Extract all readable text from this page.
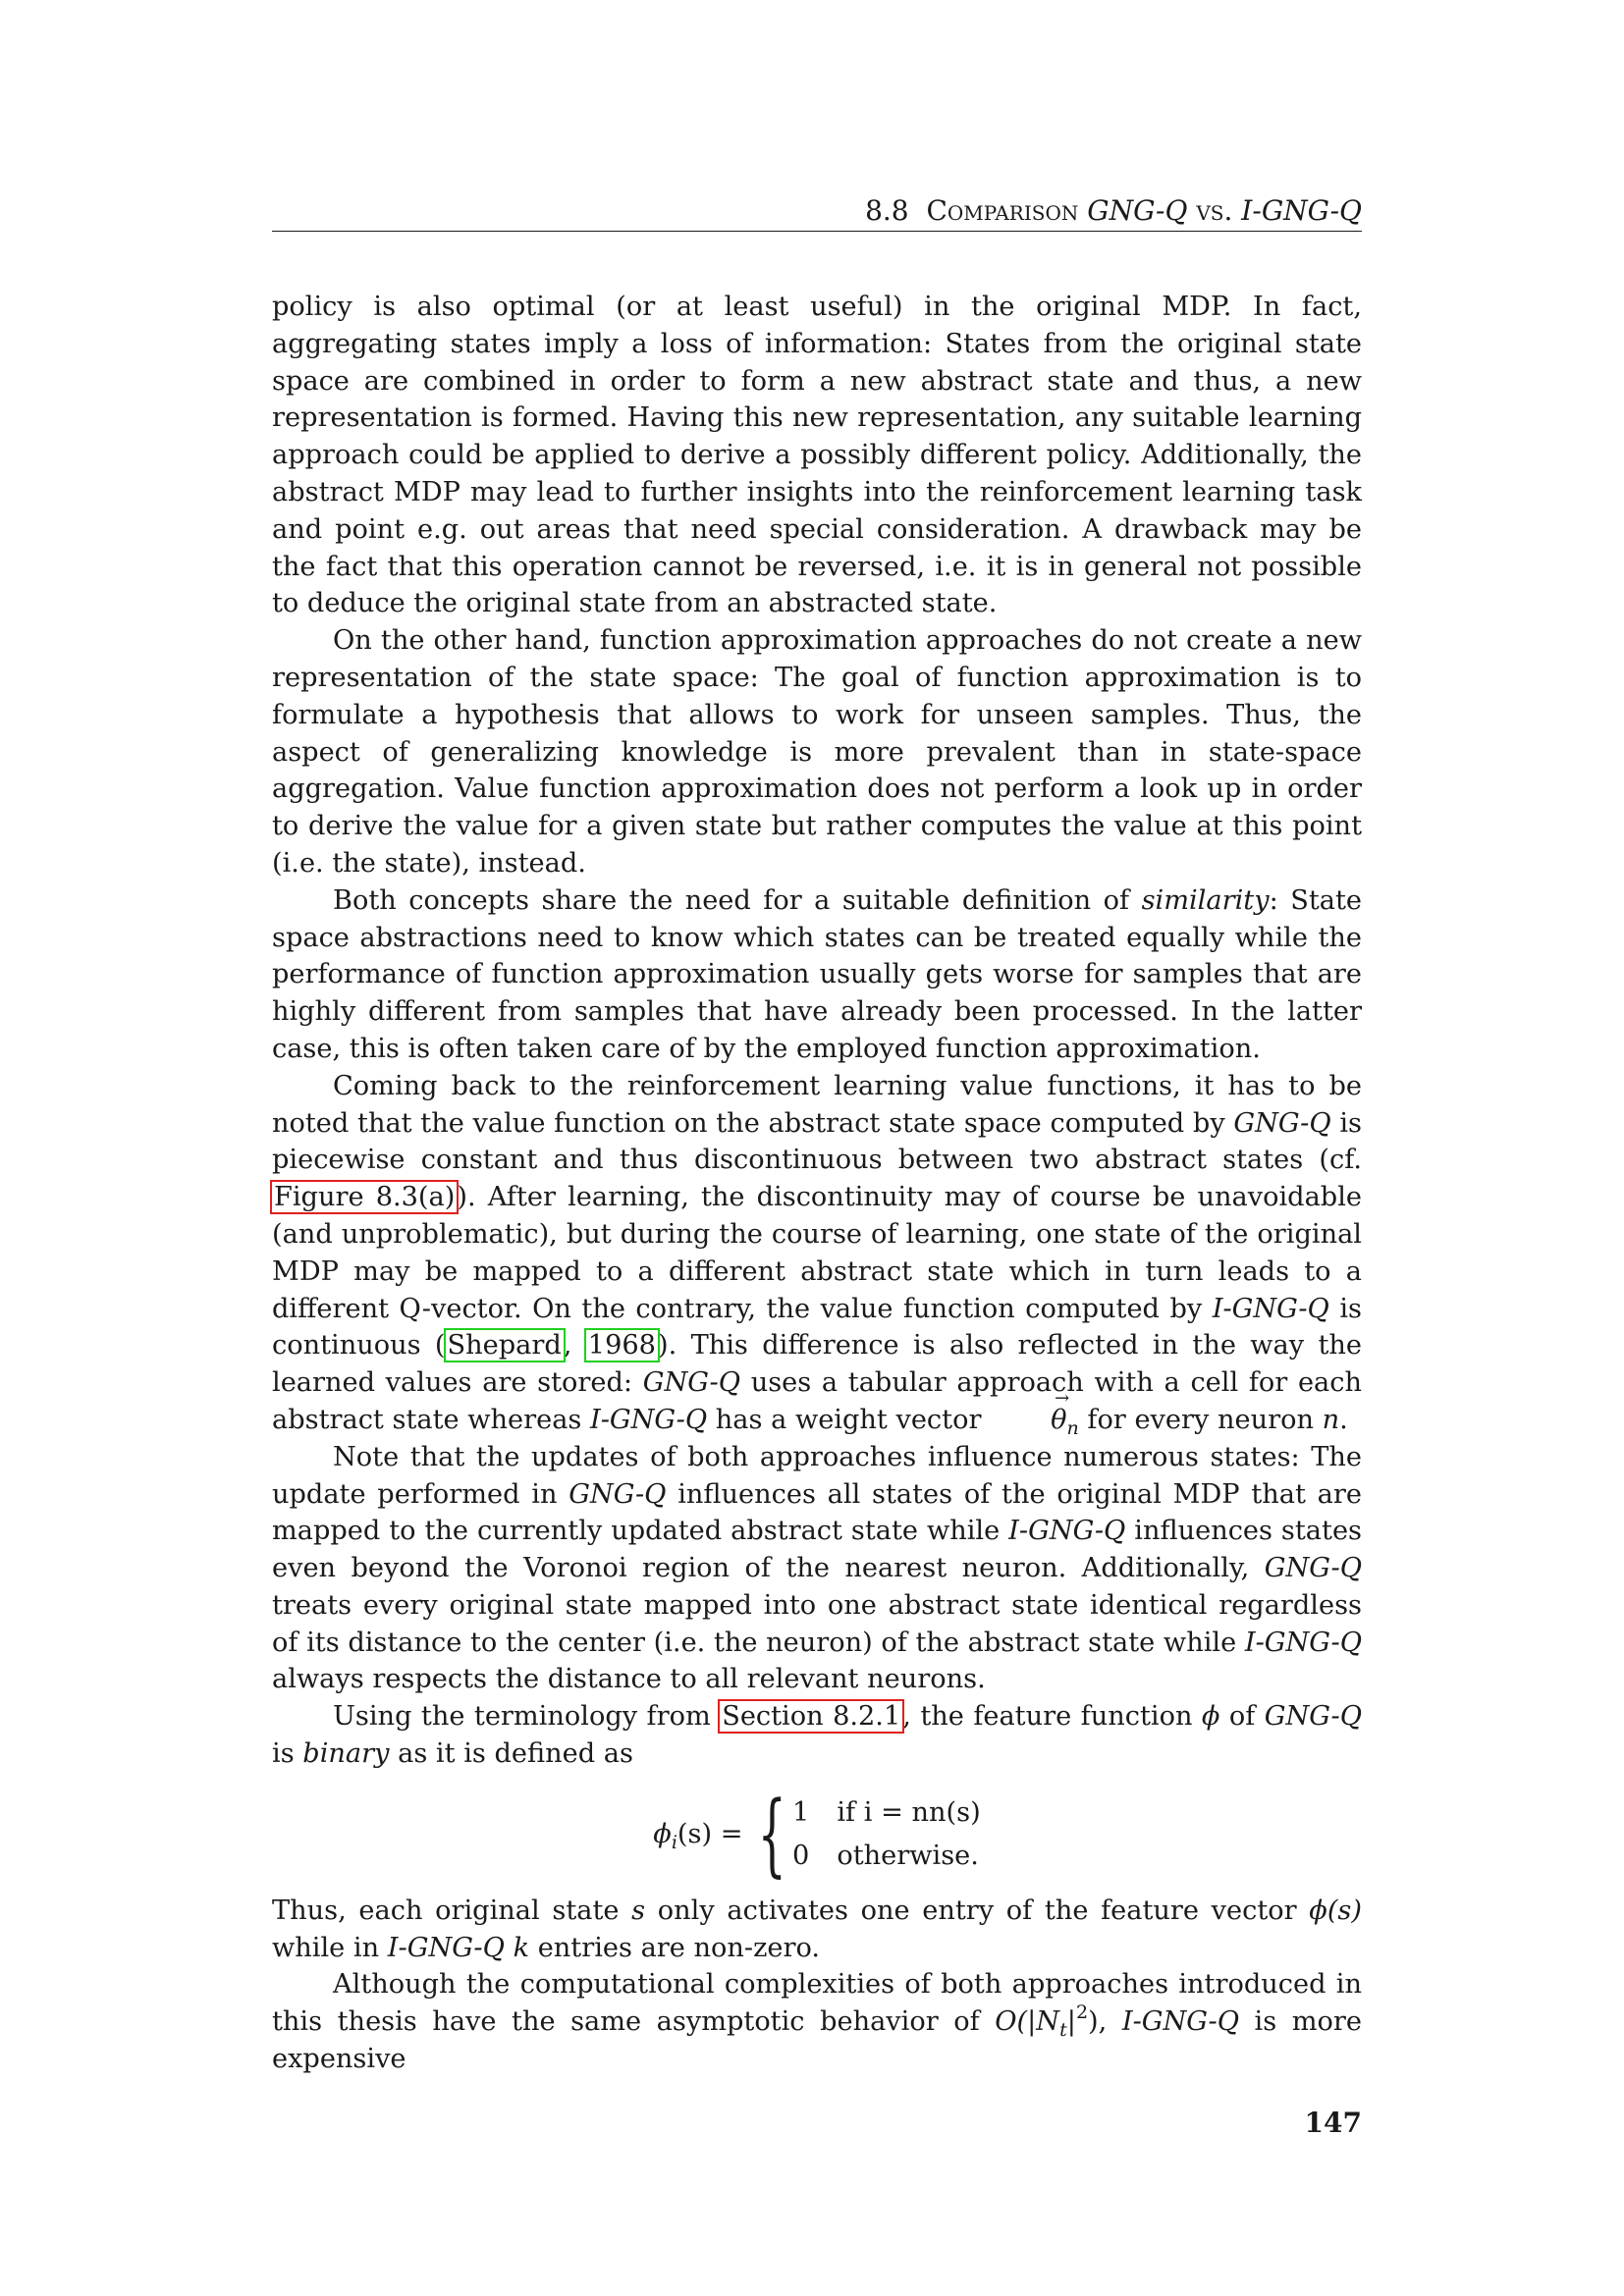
8.8 Comparison GNG-Q vs. I-GNG-Q

policy is also optimal (or at least useful) in the original MDP. In fact, aggregating states imply a loss of information: States from the original state space are combined in order to form a new abstract state and thus, a new representation is formed. Having this new representation, any suitable learning approach could be applied to derive a possibly different policy. Additionally, the abstract MDP may lead to further insights into the reinforcement learning task and point e.g. out areas that need special consideration. A drawback may be the fact that this operation cannot be reversed, i.e. it is in general not possible to deduce the original state from an abstracted state.

On the other hand, function approximation approaches do not create a new representation of the state space: The goal of function approximation is to formulate a hypothesis that allows to work for unseen samples. Thus, the aspect of generalizing knowledge is more prevalent than in state-space aggregation. Value function approximation does not perform a look up in order to derive the value for a given state but rather computes the value at this point (i.e. the state), instead.

Both concepts share the need for a suitable definition of similarity: State space abstractions need to know which states can be treated equally while the performance of function approximation usually gets worse for samples that are highly different from samples that have already been processed. In the latter case, this is often taken care of by the employed function approximation.

Coming back to the reinforcement learning value functions, it has to be noted that the value function on the abstract state space computed by GNG-Q is piecewise constant and thus discontinuous between two abstract states (cf. Figure 8.3(a)). After learning, the discontinuity may of course be unavoidable (and unproblematic), but during the course of learning, one state of the original MDP may be mapped to a different abstract state which in turn leads to a different Q-vector. On the contrary, the value function computed by I-GNG-Q is continuous (Shepard, 1968). This difference is also reflected in the way the learned values are stored: GNG-Q uses a tabular approach with a cell for each abstract state whereas I-GNG-Q has a weight vector → $\theta_n$ for every neuron n.

Note that the updates of both approaches influence numerous states: The update performed in GNG-Q influences all states of the original MDP that are mapped to the currently updated abstract state while I-GNG-Q influences states even beyond the Voronoi region of the nearest neuron. Additionally, GNG-Q treats every original state mapped into one abstract state identical regardless of its distance to the center (i.e. the neuron) of the abstract state while I-GNG-Q always respects the distance to all relevant neurons.

Using the terminology from Section 8.2.1, the feature function ϕ of GNG-Q is binary as it is defined as

$\phi_i(s)$ = { 1 if i = nn(s)
0 otherwise.

Thus, each original state s only activates one entry of the feature vector ϕ(s) while in I-GNG-Q k entries are non-zero.

Although the computational complexities of both approaches introduced in this thesis have the same asymptotic behavior of $O(|N_t|^2)$, I-GNG-Q is more expensive

147
